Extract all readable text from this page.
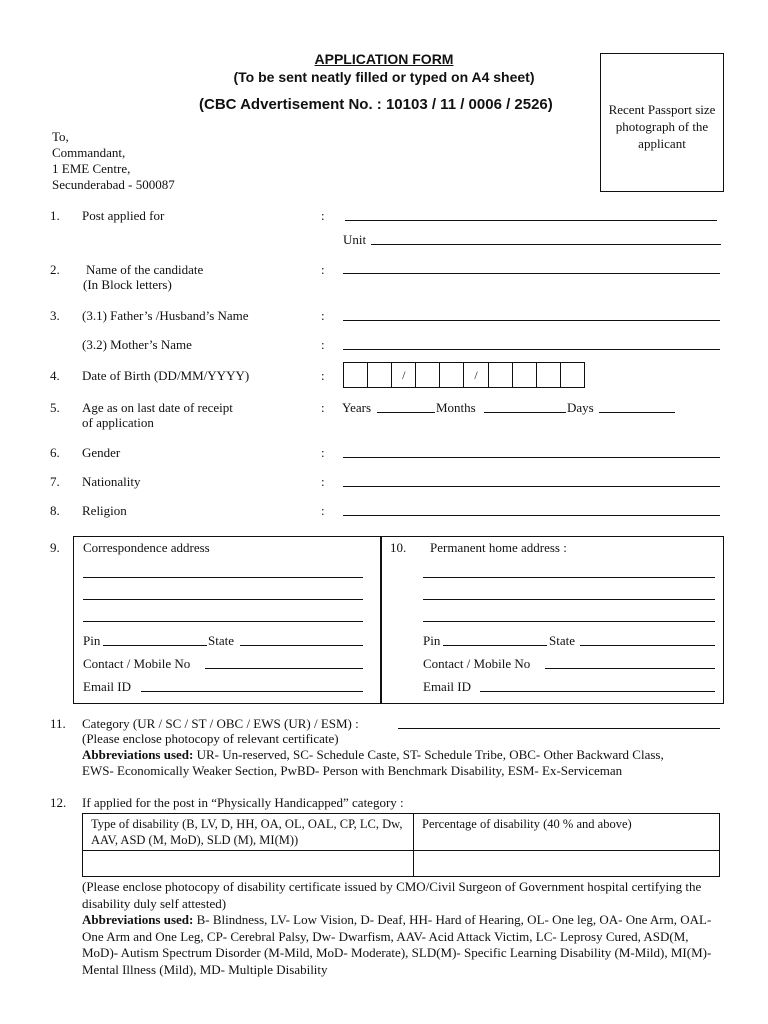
APPLICATION FORM
(To be sent neatly filled or typed on A4 sheet)
(CBC Advertisement No. : 10103 / 11 / 0006 / 2526)	Recent Passport size photograph of the applicant
To,
Commandant,
1 EME Centre,
Secunderabad - 500087
1. Post applied for	:
Unit
2. Name of the candidate
(In Block letters)
:
3. (3.1) Father’s /Husband’s Name	:
(3.2) Mother’s Name	:
4. Date of Birth (DD/MM/YYYY)	:	/	/
5. Age as on last date of receipt
of application
: Years	Months	Days
6. Gender	:
7. Nationality	:
8. Religion	:
9. Correspondence address
Pin	State
Contact / Mobile No
Email ID
10. Permanent home address :
Pin	State
Contact / Mobile No
Email ID
11. Category (UR / SC / ST / OBC / EWS (UR) / ESM) :
(Please enclose photocopy of relevant certificate)
Abbreviations used: UR- Un-reserved, SC- Schedule Caste, ST- Schedule Tribe, OBC- Other Backward Class,
EWS- Economically Weaker Section, PwBD- Person with Benchmark Disability, ESM- Ex-Serviceman
12. If applied for the post in “Physically Handicapped” category :
Type of disability (B, LV, D, HH, OA, OL, OAL, CP, LC, Dw, AAV, ASD (M, MoD), SLD (M), MI(M))	Percentage of disability (40 % and above)

(Please enclose photocopy of disability certificate issued by CMO/Civil Surgeon of Government hospital certifying the disability duly self attested)
Abbreviations used: B- Blindness, LV- Low Vision, D- Deaf, HH- Hard of Hearing, OL- One leg, OA- One Arm, OAL- One Arm and One Leg, CP- Cerebral Palsy, Dw- Dwarfism, AAV- Acid Attack Victim, LC- Leprosy Cured, ASD(M, MoD)- Autism Spectrum Disorder (M-Mild, MoD- Moderate), SLD(M)- Specific Learning Disability (M-Mild), MI(M)- Mental Illness (Mild), MD- Multiple Disability
